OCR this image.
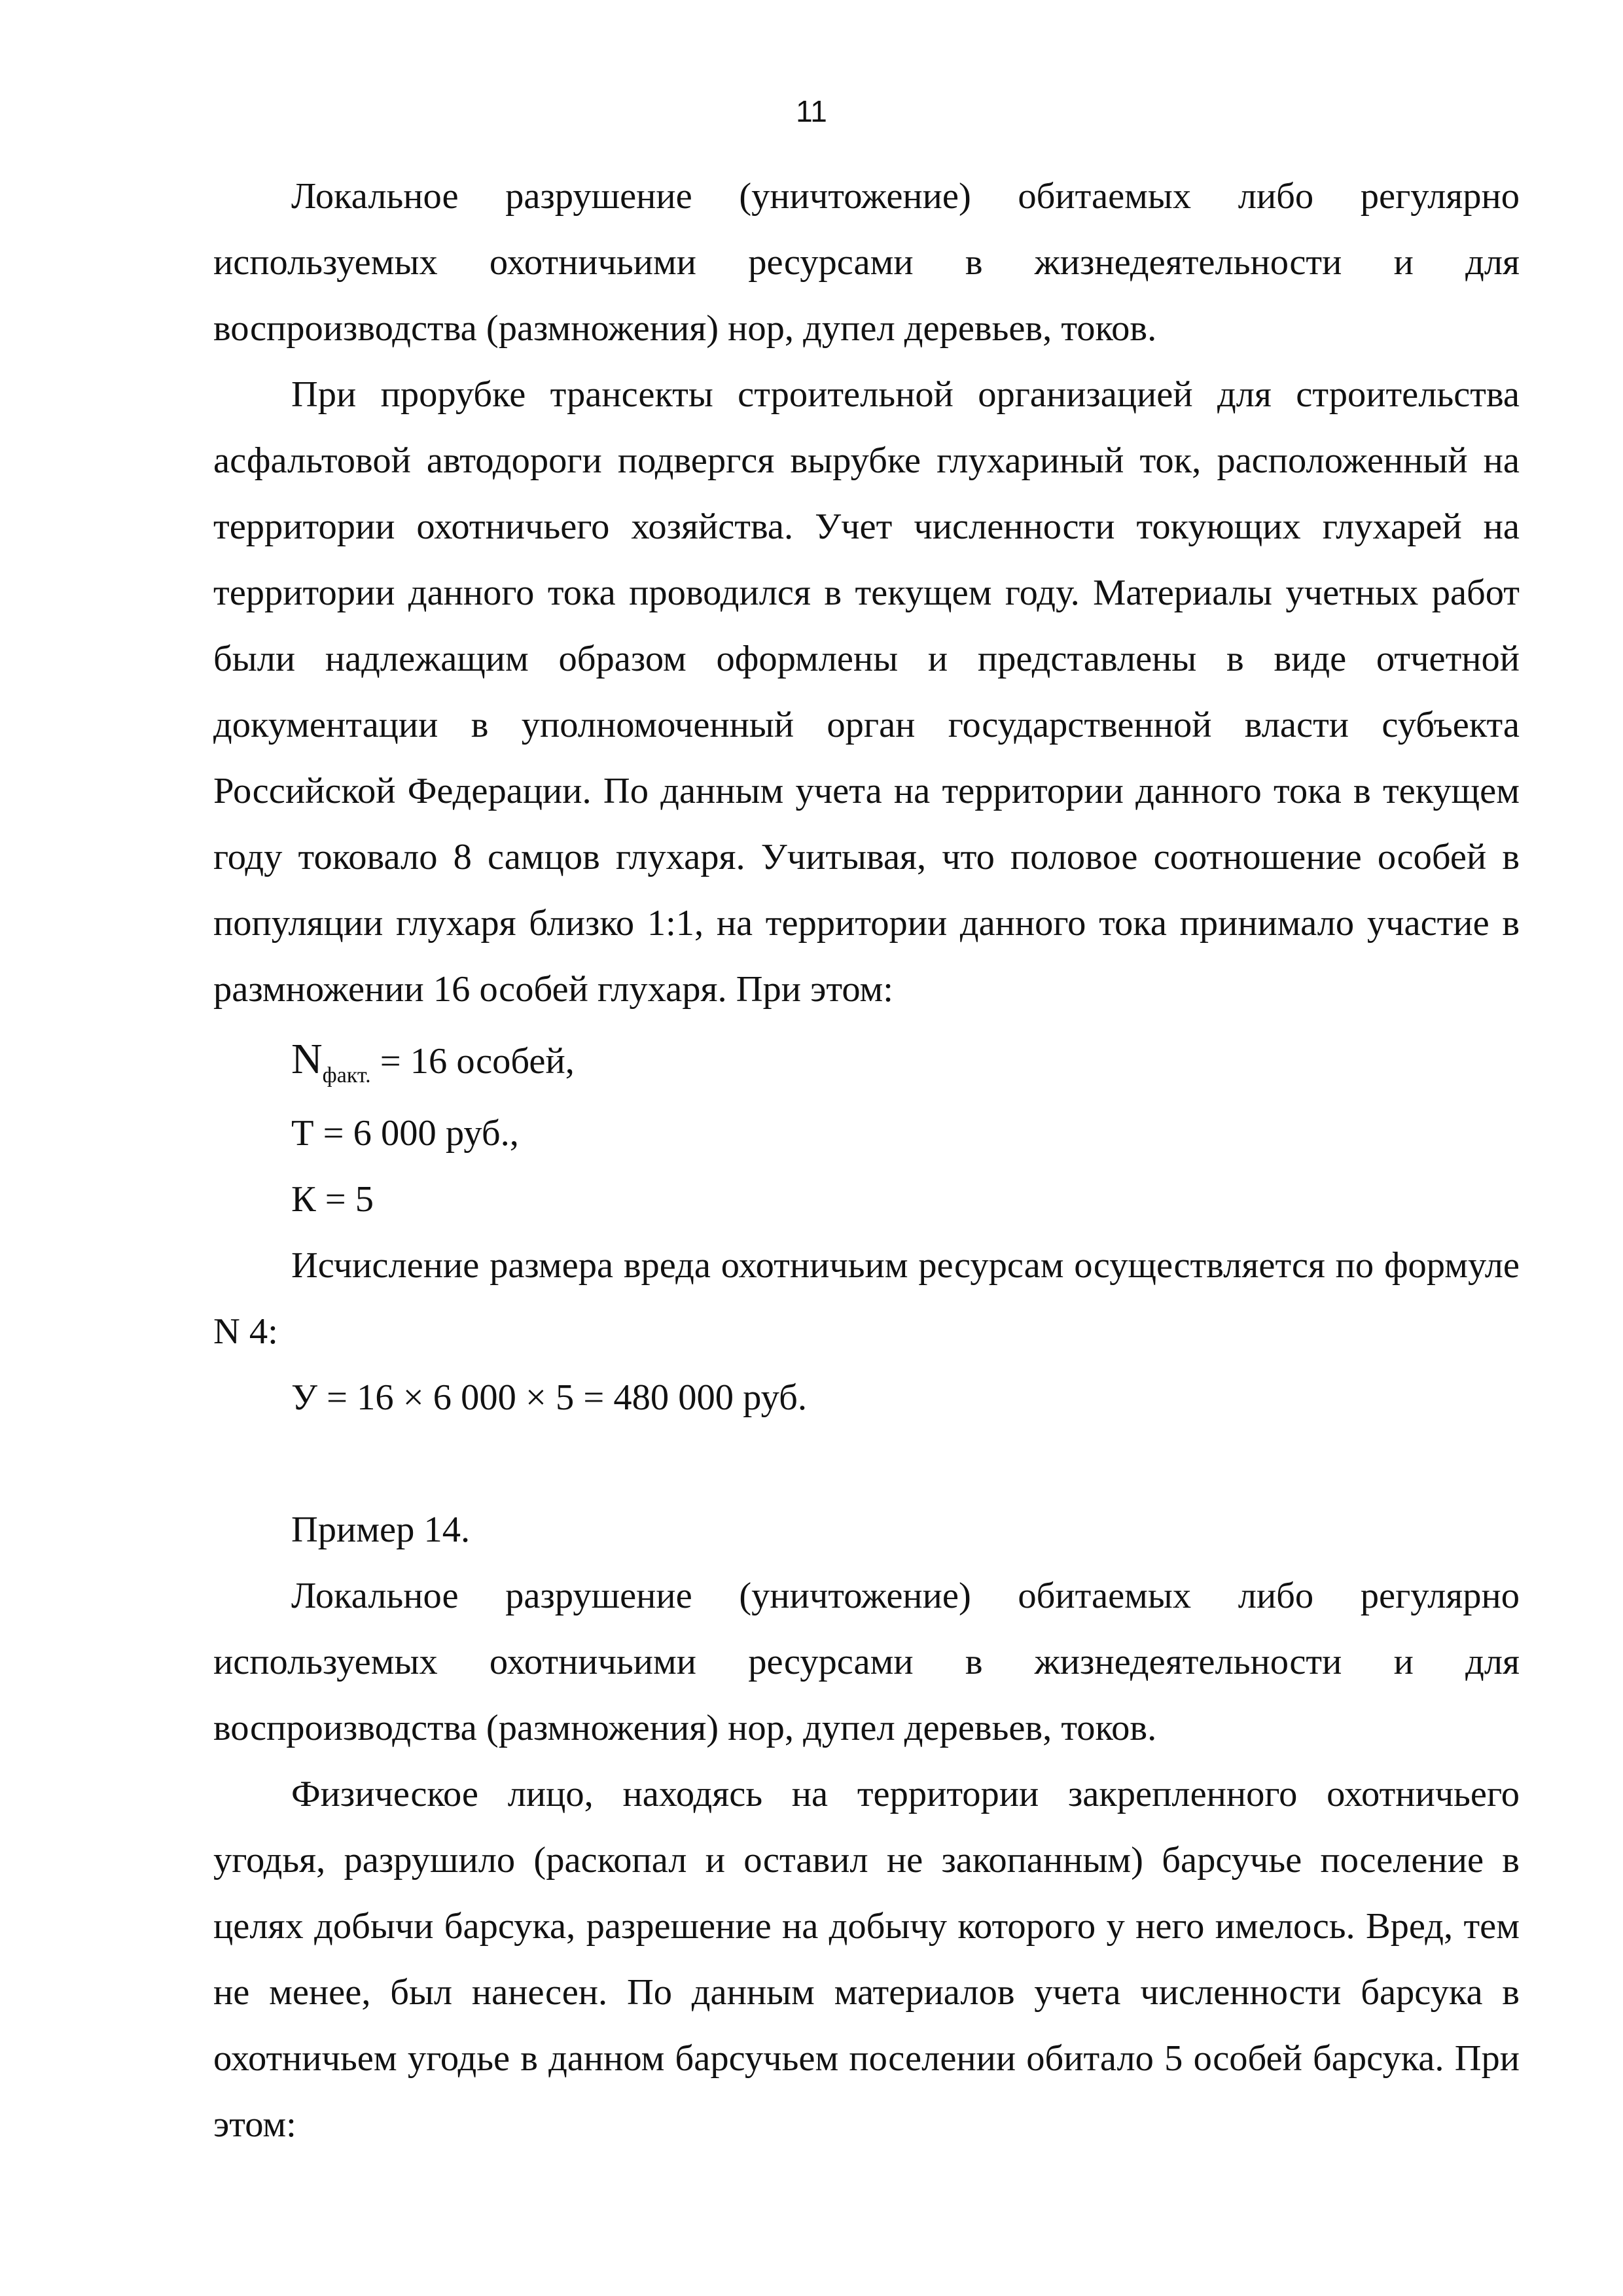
11

Локальное разрушение (уничтожение) обитаемых либо регулярно используемых охотничьими ресурсами в жизнедеятельности и для воспроизводства (размножения) нор, дупел деревьев, токов.

При прорубке трансекты строительной организацией для строительства асфальтовой автодороги подвергся вырубке глухариный ток, расположенный на территории охотничьего хозяйства. Учет численности токующих глухарей на территории данного тока проводился в текущем году. Материалы учетных работ были надлежащим образом оформлены и представлены в виде отчетной документации в уполномоченный орган государственной власти субъекта Российской Федерации. По данным учета на территории данного тока в текущем году токовало 8 самцов глухаря. Учитывая, что половое соотношение особей в популяции глухаря близко 1:1, на территории данного тока принимало участие в размножении 16 особей глухаря. При этом:

$N_{факт.} = 16$ особей,
Т = 6 000 руб.,
К = 5

Исчисление размера вреда охотничьим ресурсам осуществляется по формуле N 4:

У = 16 × 6 000 × 5 = 480 000 руб.

Пример 14.

Локальное разрушение (уничтожение) обитаемых либо регулярно используемых охотничьими ресурсами в жизнедеятельности и для воспроизводства (размножения) нор, дупел деревьев, токов.

Физическое лицо, находясь на территории закрепленного охотничьего угодья, разрушило (раскопал и оставил не закопанным) барсучье поселение в целях добычи барсука, разрешение на добычу которого у него имелось. Вред, тем не менее, был нанесен. По данным материалов учета численности барсука в охотничьем угодье в данном барсучьем поселении обитало 5 особей барсука. При этом:
